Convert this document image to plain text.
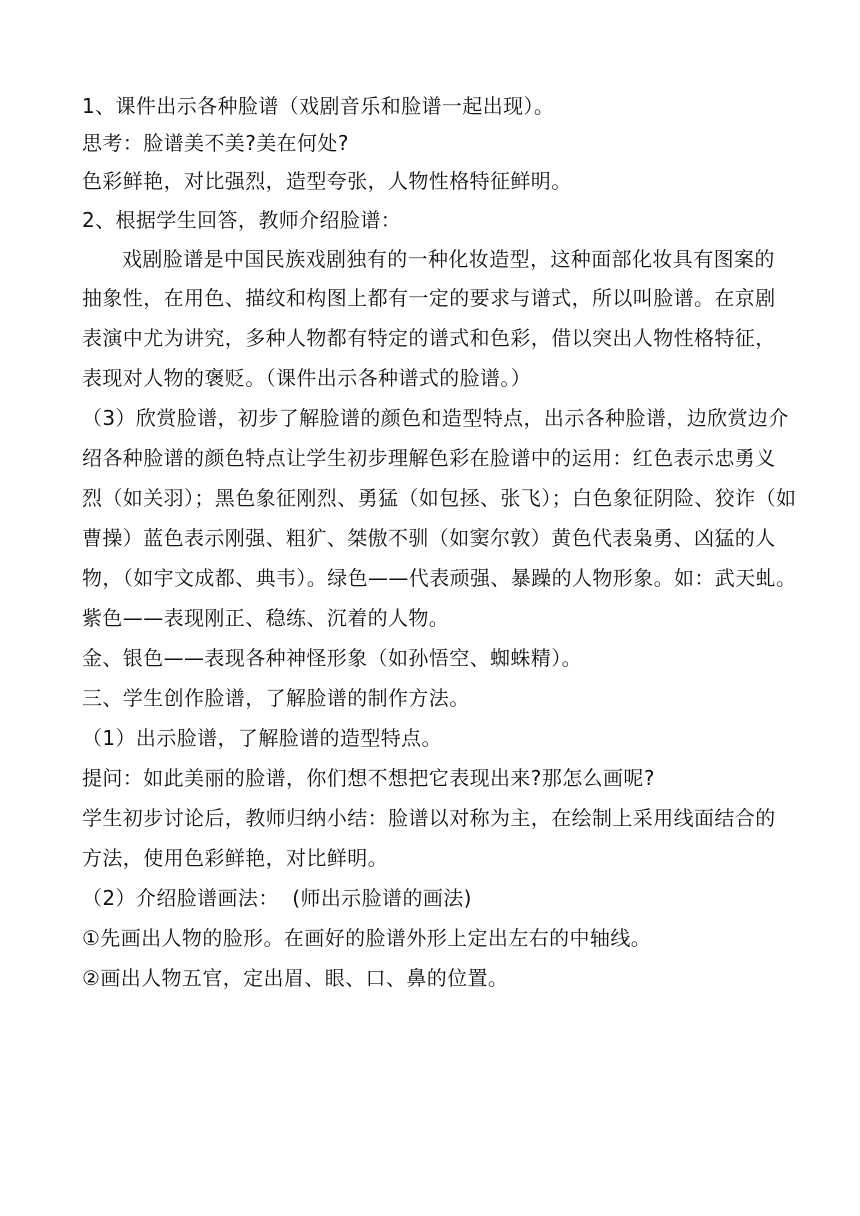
1、课件出示各种脸谱（戏剧音乐和脸谱一起出现）。

思考：脸谱美不美?美在何处?

色彩鲜艳，对比强烈，造型夸张，人物性格特征鲜明。

2、根据学生回答，教师介绍脸谱：

戏剧脸谱是中国民族戏剧独有的一种化妆造型，这种面部化妆具有图案的

抽象性，在用色、描纹和构图上都有一定的要求与谱式，所以叫脸谱。在京剧

表演中尤为讲究，多种人物都有特定的谱式和色彩，借以突出人物性格特征，

表现对人物的褒贬。（课件出示各种谱式的脸谱。）

（3）欣赏脸谱，初步了解脸谱的颜色和造型特点，出示各种脸谱，边欣赏边介

绍各种脸谱的颜色特点让学生初步理解色彩在脸谱中的运用：红色表示忠勇义

烈（如关羽）；黑色象征刚烈、勇猛（如包拯、张飞）；白色象征阴险、狡诈（如

曹操）蓝色表示刚强、粗犷、桀傲不驯（如窦尔敦）黄色代表枭勇、凶猛的人

物，（如宇文成都、典韦）。绿色——代表顽强、暴躁的人物形象。如：武天虬。

紫色——表现刚正、稳练、沉着的人物。

金、银色——表现各种神怪形象（如孙悟空、蜘蛛精）。

三、学生创作脸谱，了解脸谱的制作方法。

（1）出示脸谱，了解脸谱的造型特点。

提问：如此美丽的脸谱，你们想不想把它表现出来?那怎么画呢?

学生初步讨论后，教师归纳小结：脸谱以对称为主，在绘制上采用线面结合的

方法，使用色彩鲜艳，对比鲜明。

（2）介绍脸谱画法：  (师出示脸谱的画法)

①先画出人物的脸形。在画好的脸谱外形上定出左右的中轴线。

②画出人物五官，定出眉、眼、口、鼻的位置。
